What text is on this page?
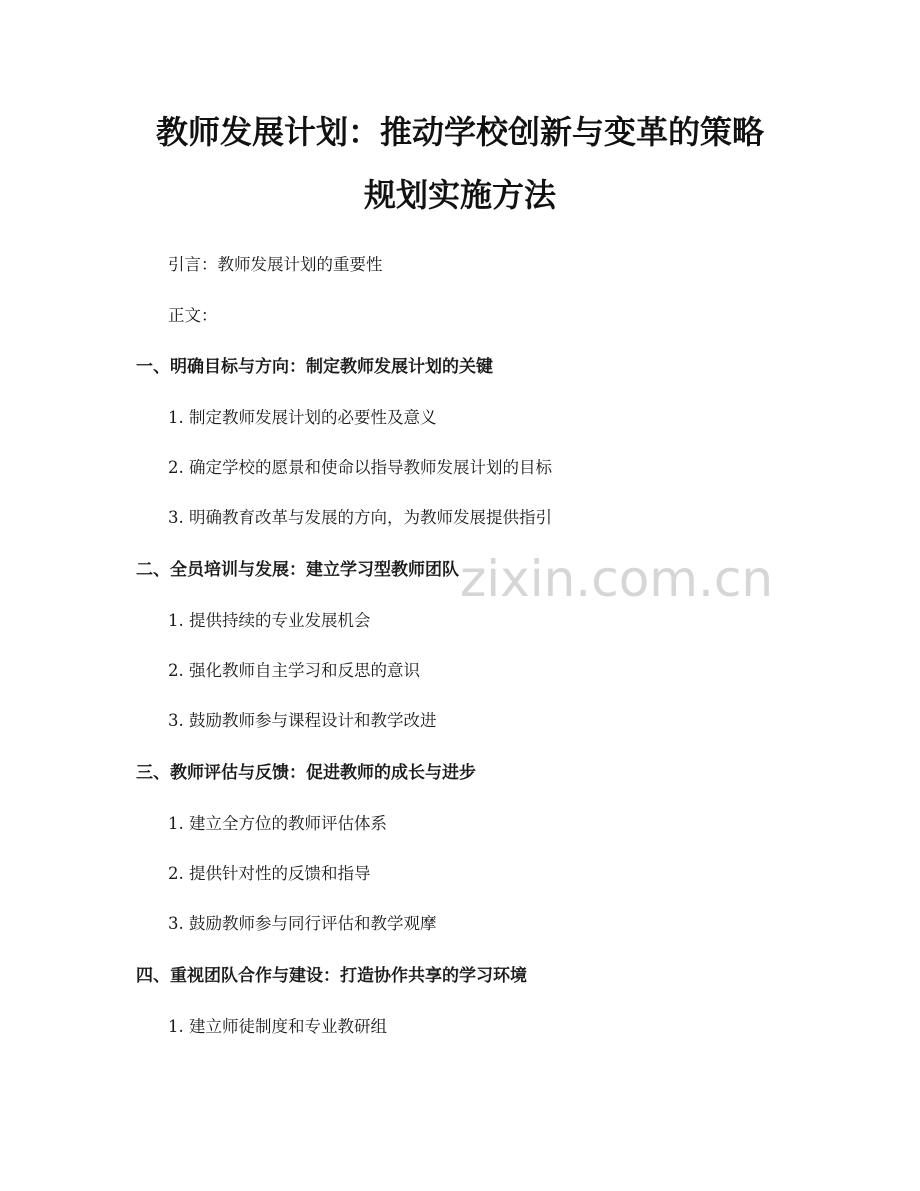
教师发展计划：推动学校创新与变革的策略
规划实施方法
引言：教师发展计划的重要性
正文：
一、明确目标与方向：制定教师发展计划的关键
1. 制定教师发展计划的必要性及意义
2. 确定学校的愿景和使命以指导教师发展计划的目标
3. 明确教育改革与发展的方向，为教师发展提供指引
二、全员培训与发展：建立学习型教师团队
1. 提供持续的专业发展机会
2. 强化教师自主学习和反思的意识
3. 鼓励教师参与课程设计和教学改进
三、教师评估与反馈：促进教师的成长与进步
1. 建立全方位的教师评估体系
2. 提供针对性的反馈和指导
3. 鼓励教师参与同行评估和教学观摩
四、重视团队合作与建设：打造协作共享的学习环境
1. 建立师徒制度和专业教研组
zixin.com.cn
